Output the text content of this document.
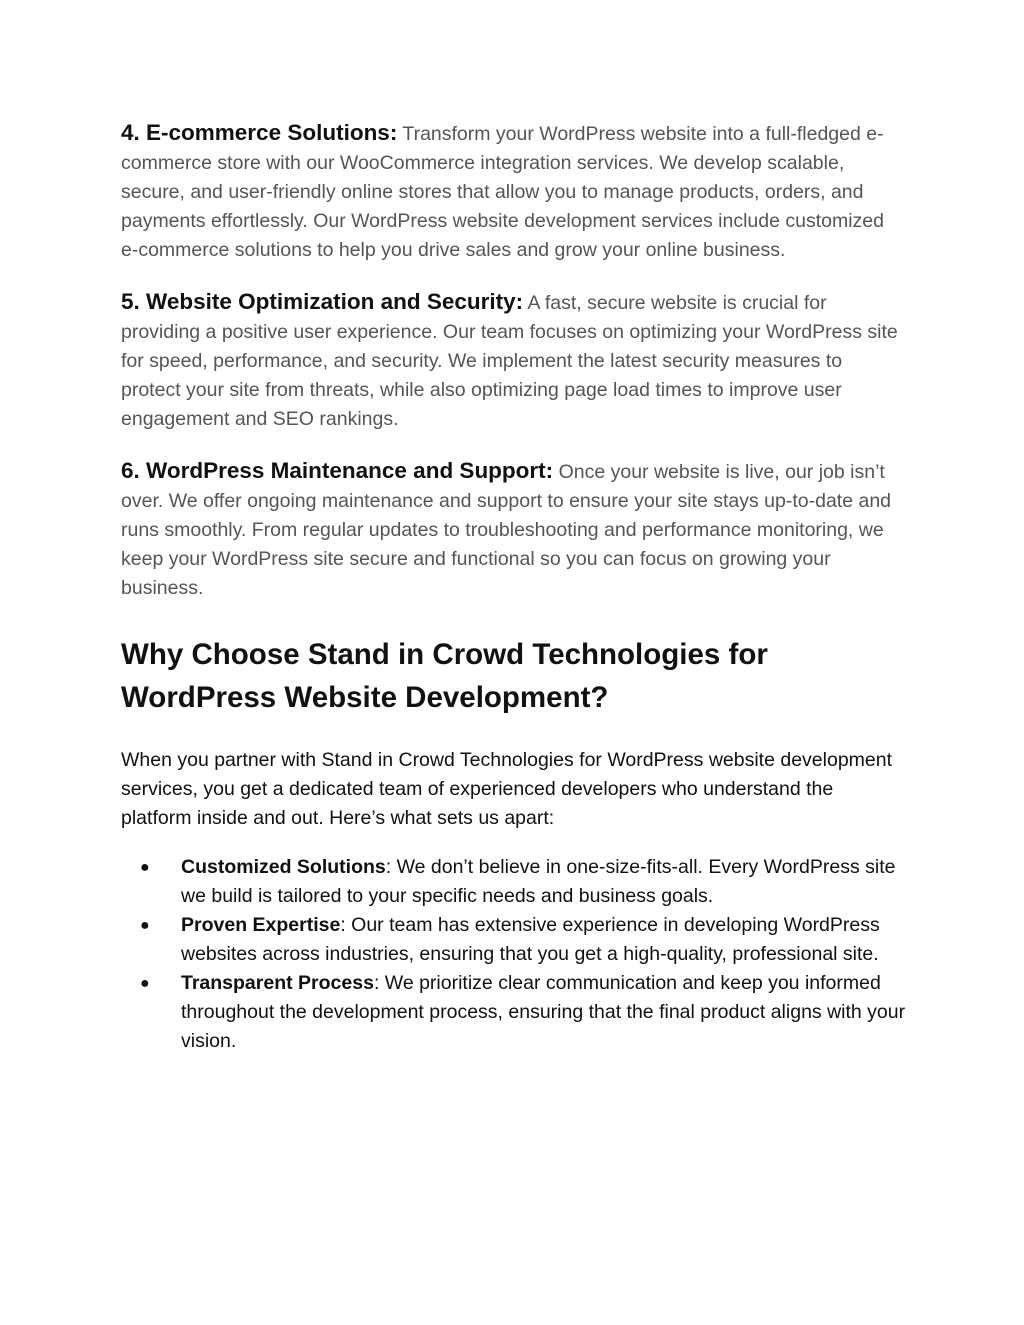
4. E-commerce Solutions: Transform your WordPress website into a full-fledged e-commerce store with our WooCommerce integration services. We develop scalable, secure, and user-friendly online stores that allow you to manage products, orders, and payments effortlessly. Our WordPress website development services include customized e-commerce solutions to help you drive sales and grow your online business.

5. Website Optimization and Security: A fast, secure website is crucial for providing a positive user experience. Our team focuses on optimizing your WordPress site for speed, performance, and security. We implement the latest security measures to protect your site from threats, while also optimizing page load times to improve user engagement and SEO rankings.

6. WordPress Maintenance and Support: Once your website is live, our job isn’t over. We offer ongoing maintenance and support to ensure your site stays up-to-date and runs smoothly. From regular updates to troubleshooting and performance monitoring, we keep your WordPress site secure and functional so you can focus on growing your business.

Why Choose Stand in Crowd Technologies for WordPress Website Development?

When you partner with Stand in Crowd Technologies for WordPress website development services, you get a dedicated team of experienced developers who understand the platform inside and out. Here’s what sets us apart:

● Customized Solutions: We don’t believe in one-size-fits-all. Every WordPress site we build is tailored to your specific needs and business goals.
● Proven Expertise: Our team has extensive experience in developing WordPress websites across industries, ensuring that you get a high-quality, professional site.
● Transparent Process: We prioritize clear communication and keep you informed throughout the development process, ensuring that the final product aligns with your vision.
